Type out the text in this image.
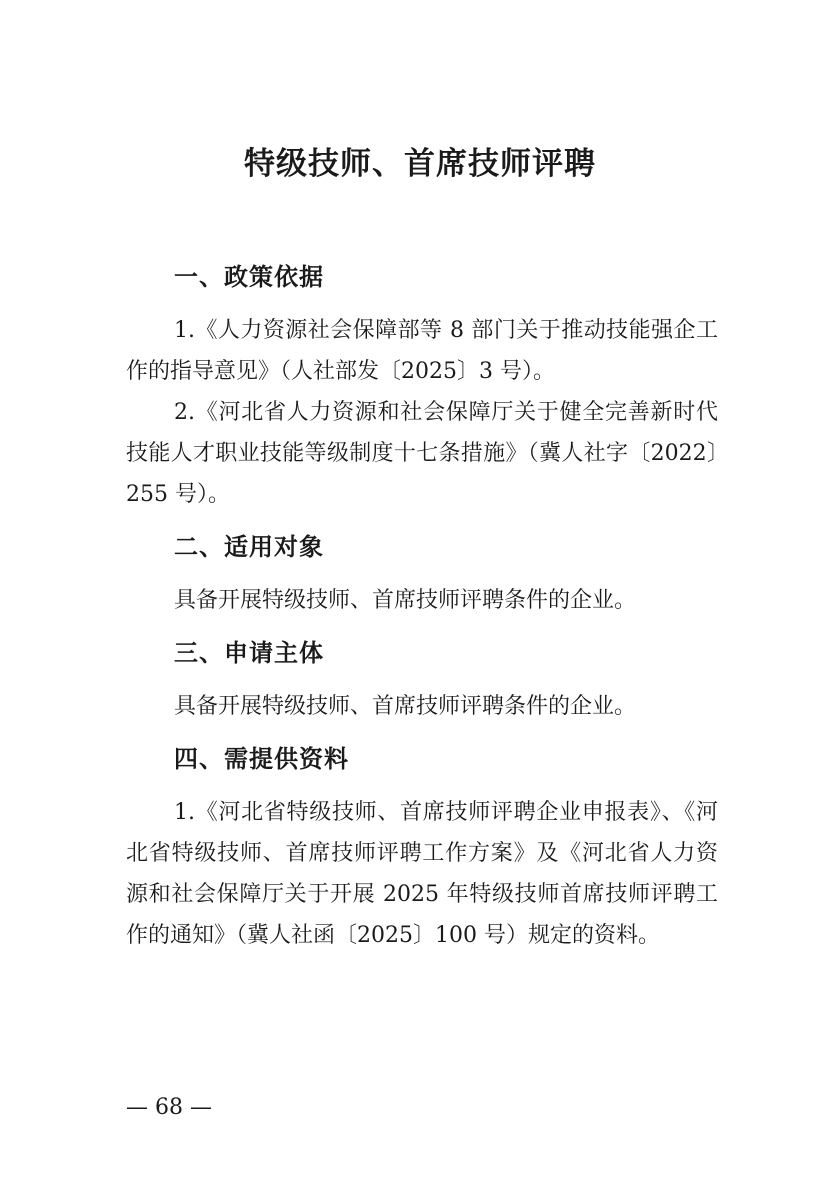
特级技师、首席技师评聘
一、政策依据

1.《人力资源社会保障部等 8 部门关于推动技能强企工作的指导意见》（人社部发〔2025〕3 号）。

2.《河北省人力资源和社会保障厅关于健全完善新时代技能人才职业技能等级制度十七条措施》（冀人社字〔2022〕255 号）。

二、适用对象

具备开展特级技师、首席技师评聘条件的企业。

三、申请主体

具备开展特级技师、首席技师评聘条件的企业。

四、需提供资料

1.《河北省特级技师、首席技师评聘企业申报表》、《河北省特级技师、首席技师评聘工作方案》及《河北省人力资源和社会保障厅关于开展 2025 年特级技师首席技师评聘工作的通知》（冀人社函〔2025〕100 号）规定的资料。

— 68 —
